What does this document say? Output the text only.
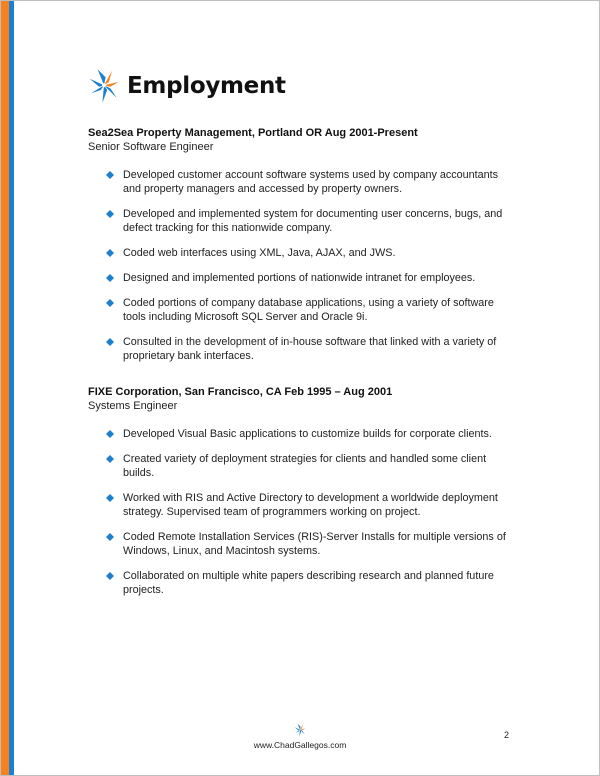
Employment

Sea2Sea Property Management, Portland OR Aug 2001-Present

Senior Software Engineer

Developed customer account software systems used by company accountants and property managers and accessed by property owners.
Developed and implemented system for documenting user concerns, bugs, and defect tracking for this nationwide company.
Coded web interfaces using XML, Java, AJAX, and JWS.
Designed and implemented portions of nationwide intranet for employees.
Coded portions of company database applications, using a variety of software tools including Microsoft SQL Server and Oracle 9i.
Consulted in the development of in-house software that linked with a variety of proprietary bank interfaces.

FIXE Corporation, San Francisco, CA Feb 1995 – Aug 2001

Systems Engineer

Developed Visual Basic applications to customize builds for corporate clients.
Created variety of deployment strategies for clients and handled some client builds.
Worked with RIS and Active Directory to development a worldwide deployment strategy. Supervised team of programmers working on project.
Coded Remote Installation Services (RIS)-Server Installs for multiple versions of Windows, Linux, and Macintosh systems.
Collaborated on multiple white papers describing research and planned future projects.
www.ChadGallegos.com
2
